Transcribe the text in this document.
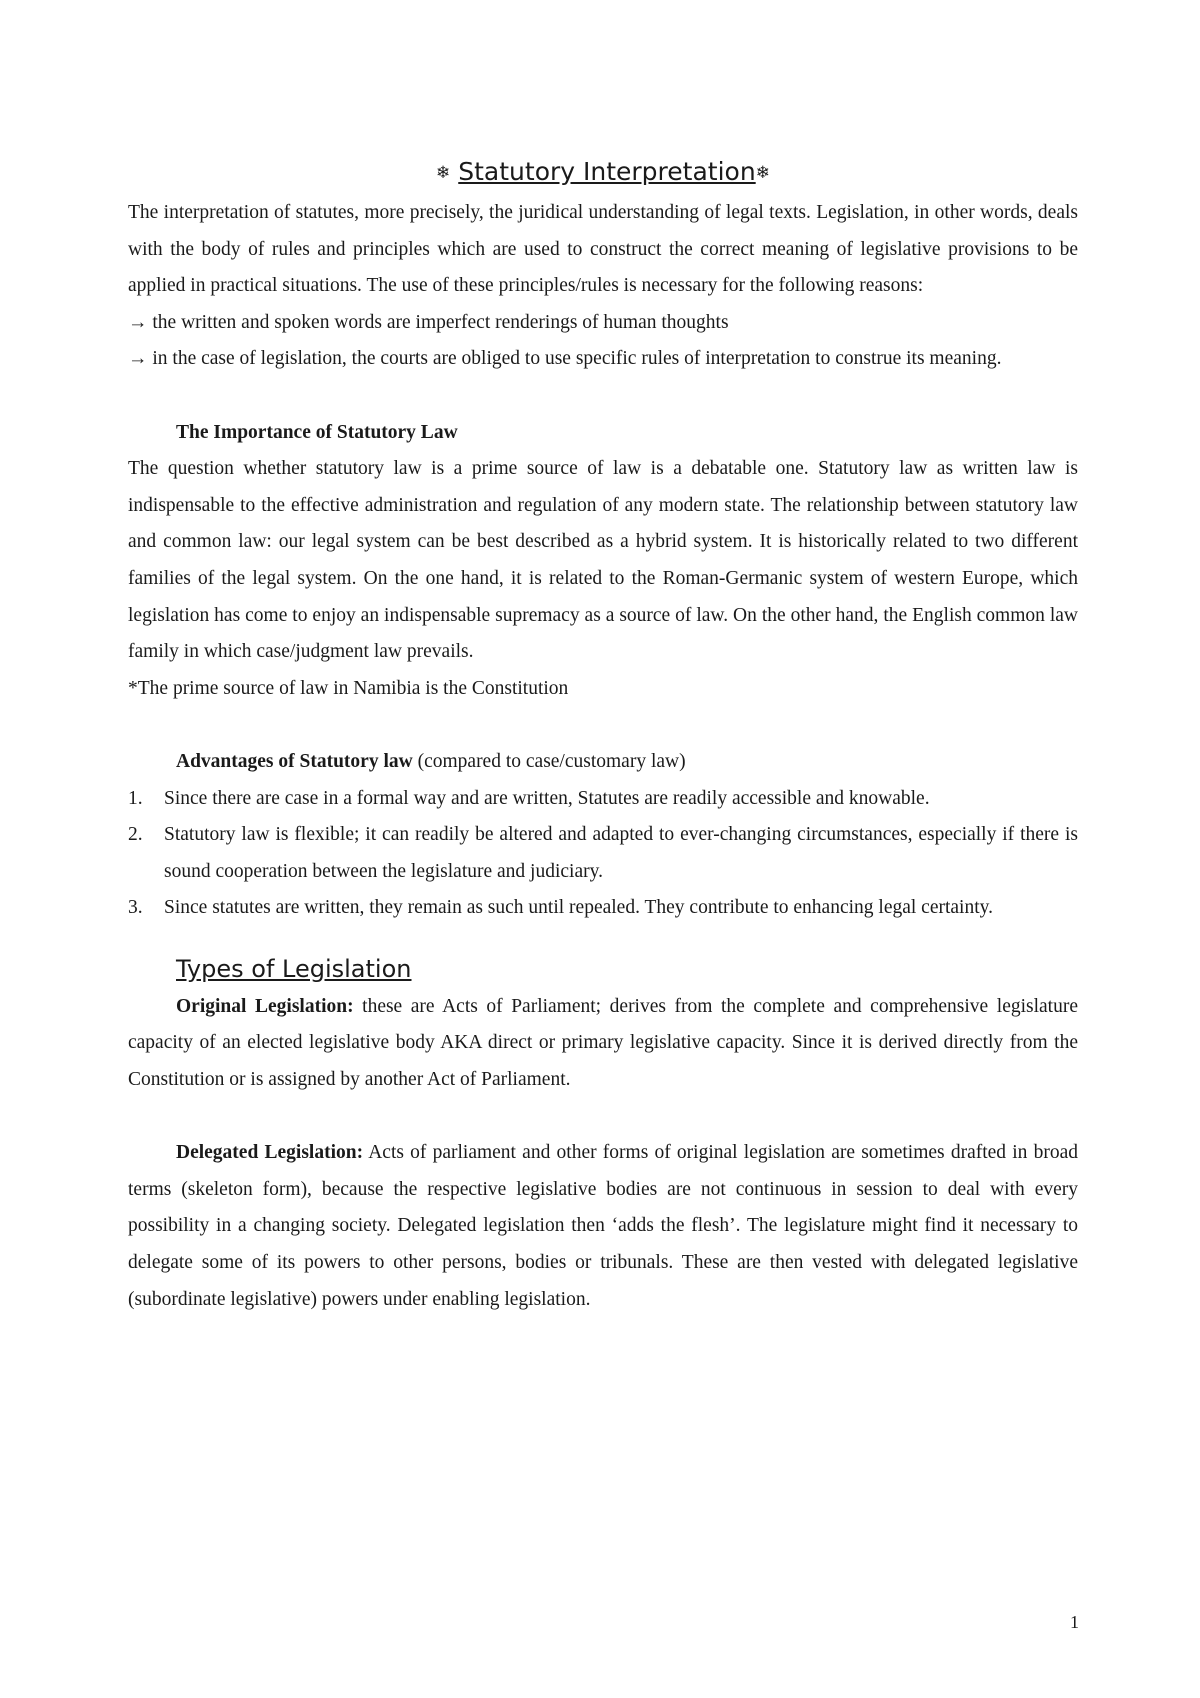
❄ Statutory Interpretation❄

The interpretation of statutes, more precisely, the juridical understanding of legal texts. Legislation, in other words, deals with the body of rules and principles which are used to construct the correct meaning of legislative provisions to be applied in practical situations. The use of these principles/rules is necessary for the following reasons:

→ the written and spoken words are imperfect renderings of human thoughts

→ in the case of legislation, the courts are obliged to use specific rules of interpretation to construe its meaning.

The Importance of Statutory Law

The question whether statutory law is a prime source of law is a debatable one. Statutory law as written law is indispensable to the effective administration and regulation of any modern state. The relationship between statutory law and common law: our legal system can be best described as a hybrid system. It is historically related to two different families of the legal system. On the one hand, it is related to the Roman-Germanic system of western Europe, which legislation has come to enjoy an indispensable supremacy as a source of law. On the other hand, the English common law family in which case/judgment law prevails.

*The prime source of law in Namibia is the Constitution

Advantages of Statutory law (compared to case/customary law)

1. Since there are case in a formal way and are written, Statutes are readily accessible and knowable.
2. Statutory law is flexible; it can readily be altered and adapted to ever-changing circumstances, especially if there is sound cooperation between the legislature and judiciary.
3. Since statutes are written, they remain as such until repealed. They contribute to enhancing legal certainty.
Types of Legislation

Original Legislation: these are Acts of Parliament; derives from the complete and comprehensive legislature capacity of an elected legislative body AKA direct or primary legislative capacity. Since it is derived directly from the Constitution or is assigned by another Act of Parliament.

Delegated Legislation: Acts of parliament and other forms of original legislation are sometimes drafted in broad terms (skeleton form), because the respective legislative bodies are not continuous in session to deal with every possibility in a changing society. Delegated legislation then ‘adds the flesh’. The legislature might find it necessary to delegate some of its powers to other persons, bodies or tribunals. These are then vested with delegated legislative (subordinate legislative) powers under enabling legislation.

1
